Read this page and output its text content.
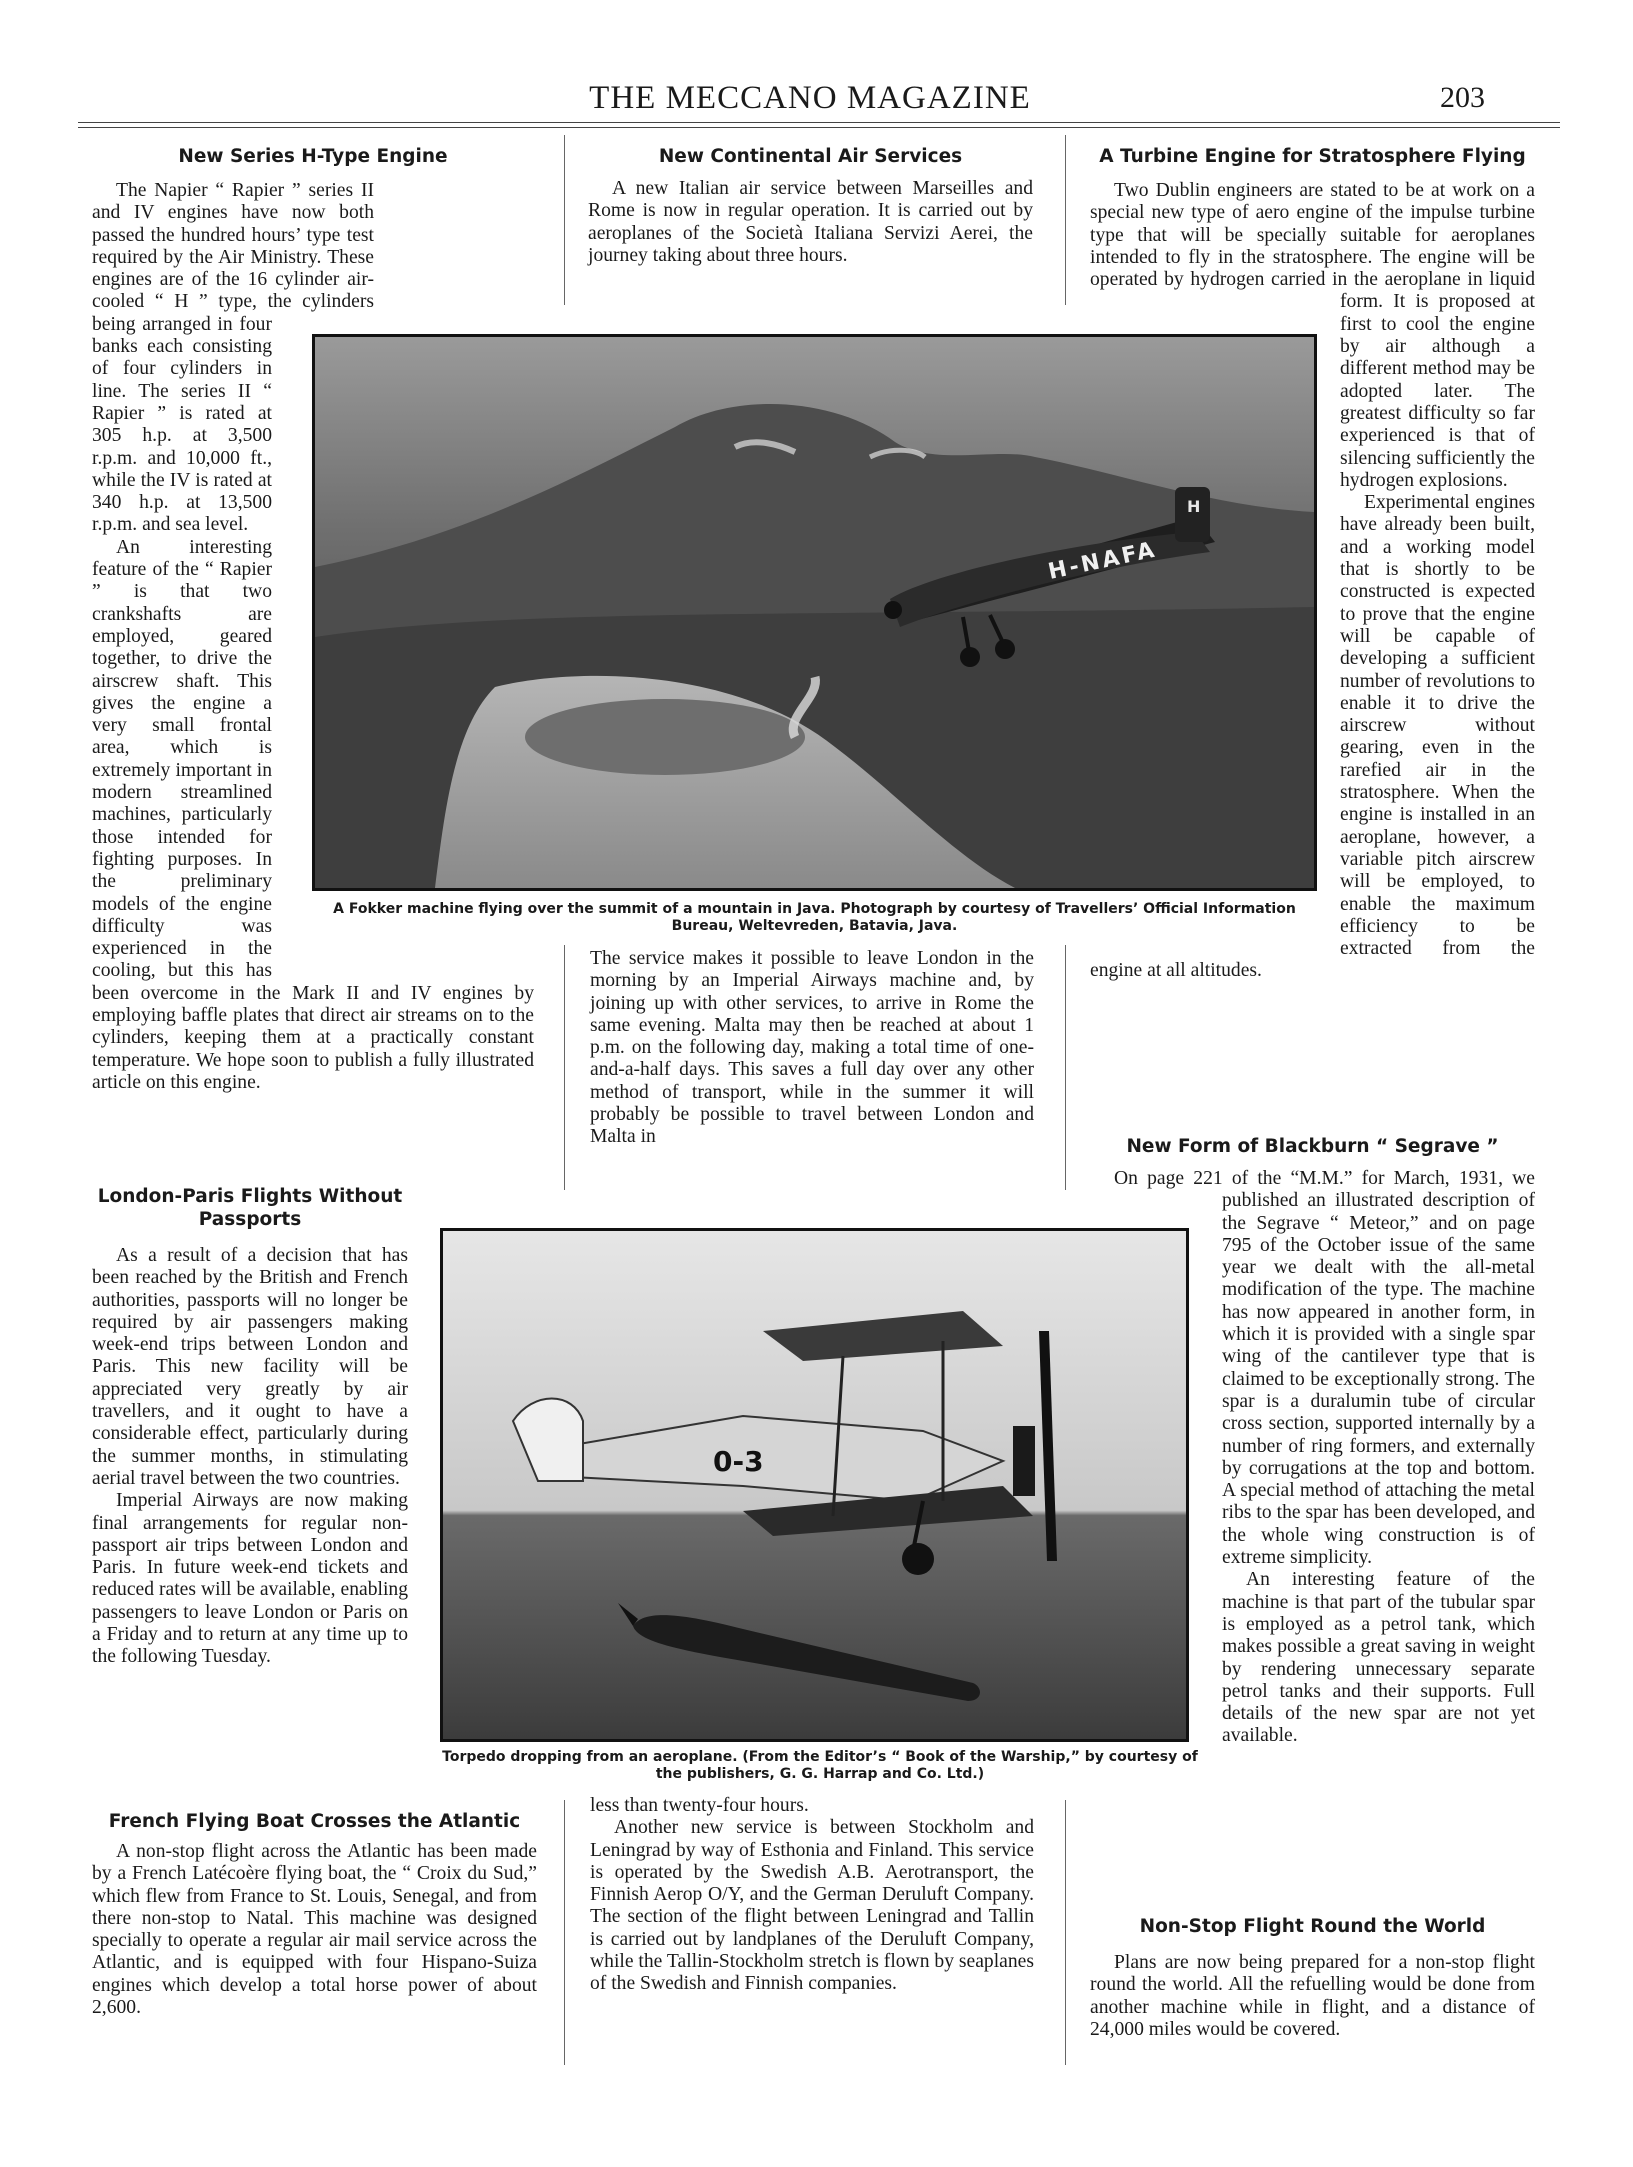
THE MECCANO MAGAZINE	203
New Series H-Type Engine

The Napier “ Rapier ” series II and IV engines have now both passed the hundred hours’ type test required by the Air Ministry. These engines are of the 16 cylinder air-cooled “ H ” type, the cylinders being arranged in four banks each consisting of four cylinders in line. The series II “ Rapier ” is rated at 305 h.p. at 3,500 r.p.m. and 10,000 ft., while the IV is rated at 340 h.p. at 13,500 r.p.m. and sea level.

An interesting feature of the “ Rapier ” is that two crankshafts are employed, geared together, to drive the airscrew shaft. This gives the engine a very small frontal area, which is extremely important in modern streamlined machines, particularly those intended for fighting purposes. In the preliminary models of the engine difficulty was experienced in the cooling, but this has been overcome in the Mark II and IV engines by employing baffle plates that direct air streams on to the cylinders, keeping them at a practically constant temperature. We hope soon to publish a fully illustrated article on this engine.

New Continental Air Services

A new Italian air service between Marseilles and Rome is now in regular operation. It is carried out by aeroplanes of the Società Italiana Servizi Aerei, the journey taking about three hours.

A Turbine Engine for Stratosphere Flying

Two Dublin engineers are stated to be at work on a special new type of aero engine of the impulse turbine type that will be specially suitable for aeroplanes intended to fly in the stratosphere. The engine will be operated by hydrogen carried in the aeroplane in liquid form. It is proposed at first to cool the engine by air although a different method may be adopted later. The greatest difficulty so far experienced is that of silencing sufficiently the hydrogen explosions.

Experimental engines have already been built, and a working model that is shortly to be constructed is expected to prove that the engine will be capable of developing a sufficient number of revolutions to enable it to drive the airscrew without gearing, even in the rarefied air in the stratosphere. When the engine is installed in an aeroplane, however, a variable pitch airscrew will be employed, to enable the maximum efficiency to be extracted from the engine at all altitudes.

H-NAFA
H
A Fokker machine flying over the summit of a mountain in Java. Photograph by courtesy of Travellers’ Official Information Bureau, Weltevreden, Batavia, Java.

The service makes it possible to leave London in the morning by an Imperial Airways machine and, by joining up with other services, to arrive in Rome the same evening. Malta may then be reached at about 1 p.m. on the following day, making a total time of one-and-a-half days. This saves a full day over any other method of transport, while in the summer it will probably be possible to travel between London and Malta in

London-Paris Flights Without Passports

As a result of a decision that has been reached by the British and French authorities, passports will no longer be required by air passengers making week-end trips between London and Paris. This new facility will be appreciated very greatly by air travellers, and it ought to have a considerable effect, particularly during the summer months, in stimulating aerial travel between the two countries.

Imperial Airways are now making final arrangements for regular non-passport air trips between London and Paris. In future week-end tickets and reduced rates will be available, enabling passengers to leave London or Paris on a Friday and to return at any time up to the following Tuesday.

French Flying Boat Crosses the Atlantic

A non-stop flight across the Atlantic has been made by a French Latécoère flying boat, the “ Croix du Sud,” which flew from France to St. Louis, Senegal, and from there non-stop to Natal. This machine was designed specially to operate a regular air mail service across the Atlantic, and is equipped with four Hispano-Suiza engines which develop a total horse power of about 2,600.

0-3
Torpedo dropping from an aeroplane. (From the Editor’s “ Book of the Warship,” by courtesy of the publishers, G. G. Harrap and Co. Ltd.)

less than twenty-four hours.

Another new service is between Stockholm and Leningrad by way of Esthonia and Finland. This service is operated by the Swedish A.B. Aerotransport, the Finnish Aerop O/Y, and the German Deruluft Company. The section of the flight between Leningrad and Tallin is carried out by landplanes of the Deruluft Company, while the Tallin-Stockholm stretch is flown by seaplanes of the Swedish and Finnish companies.

New Form of Blackburn “ Segrave ”

On page 221 of the “M.M.” for March, 1931, we published an illustrated description of the Segrave “ Meteor,” and on page 795 of the October issue of the same year we dealt with the all-metal modification of the type. The machine has now appeared in another form, in which it is provided with a single spar wing of the cantilever type that is claimed to be exceptionally strong. The spar is a duralumin tube of circular cross section, supported internally by a number of ring formers, and externally by corrugations at the top and bottom. A special method of attaching the metal ribs to the spar has been developed, and the whole wing construction is of extreme simplicity.

An interesting feature of the machine is that part of the tubular spar is employed as a petrol tank, which makes possible a great saving in weight by rendering unnecessary separate petrol tanks and their supports. Full details of the new spar are not yet available.

Non-Stop Flight Round the World

Plans are now being prepared for a non-stop flight round the world. All the refuelling would be done from another machine while in flight, and a distance of 24,000 miles would be covered.
